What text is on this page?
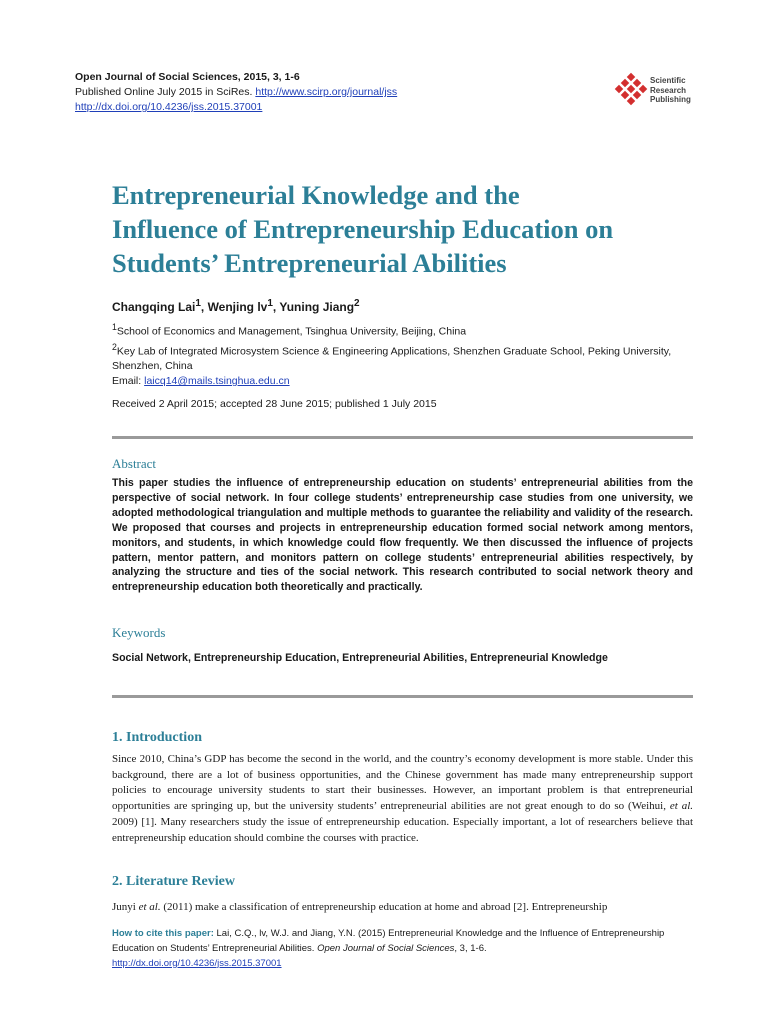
Open Journal of Social Sciences, 2015, 3, 1-6
Published Online July 2015 in SciRes. http://www.scirp.org/journal/jss
http://dx.doi.org/10.4236/jss.2015.37001
Scientific
Research
Publishing
Entrepreneurial Knowledge and the
Influence of Entrepreneurship Education on
Students’ Entrepreneurial Abilities
Changqing Lai$^1$, Wenjing $lv^1$, Yuning Jiang$^2$
$^1$School of Economics and Management, Tsinghua University, Beijing, China
$^2$Key Lab of Integrated Microsystem Science & Engineering Applications, Shenzhen Graduate School, Peking University, Shenzhen, China
Email: laicq14@mails.tsinghua.edu.cn
Received 2 April 2015; accepted 28 June 2015; published 1 July 2015
Abstract

This paper studies the influence of entrepreneurship education on students’ entrepreneurial abilities from the perspective of social network. In four college students’ entrepreneurship case studies from one university, we adopted methodological triangulation and multiple methods to guarantee the reliability and validity of the research. We proposed that courses and projects in entrepreneurship education formed social network among mentors, monitors, and students, in which knowledge could flow frequently. We then discussed the influence of projects pattern, mentor pattern, and monitors pattern on college students’ entrepreneurial abilities respectively, by analyzing the structure and ties of the social network. This research contributed to social network theory and entrepreneurship education both theoretically and practically.

Keywords

Social Network, Entrepreneurship Education, Entrepreneurial Abilities, Entrepreneurial Knowledge

1. Introduction

Since 2010, China’s GDP has become the second in the world, and the country’s economy development is more stable. Under this background, there are a lot of business opportunities, and the Chinese government has made many entrepreneurship support policies to encourage university students to start their businesses. However, an important problem is that entrepreneurial opportunities are springing up, but the university students’ entrepreneurial abilities are not great enough to do so (Weihui, et al. 2009) [1]. Many researchers study the issue of entrepreneurship education. Especially important, a lot of researchers believe that entrepreneurship education should combine the courses with practice.

2. Literature Review

Junyi et al. (2011) make a classification of entrepreneurship education at home and abroad [2]. Entrepreneurship

How to cite this paper: Lai, C.Q., lv, W.J. and Jiang, Y.N. (2015) Entrepreneurial Knowledge and the Influence of Entrepreneurship Education on Students’ Entrepreneurial Abilities. Open Journal of Social Sciences, 3, 1-6.
http://dx.doi.org/10.4236/jss.2015.37001
